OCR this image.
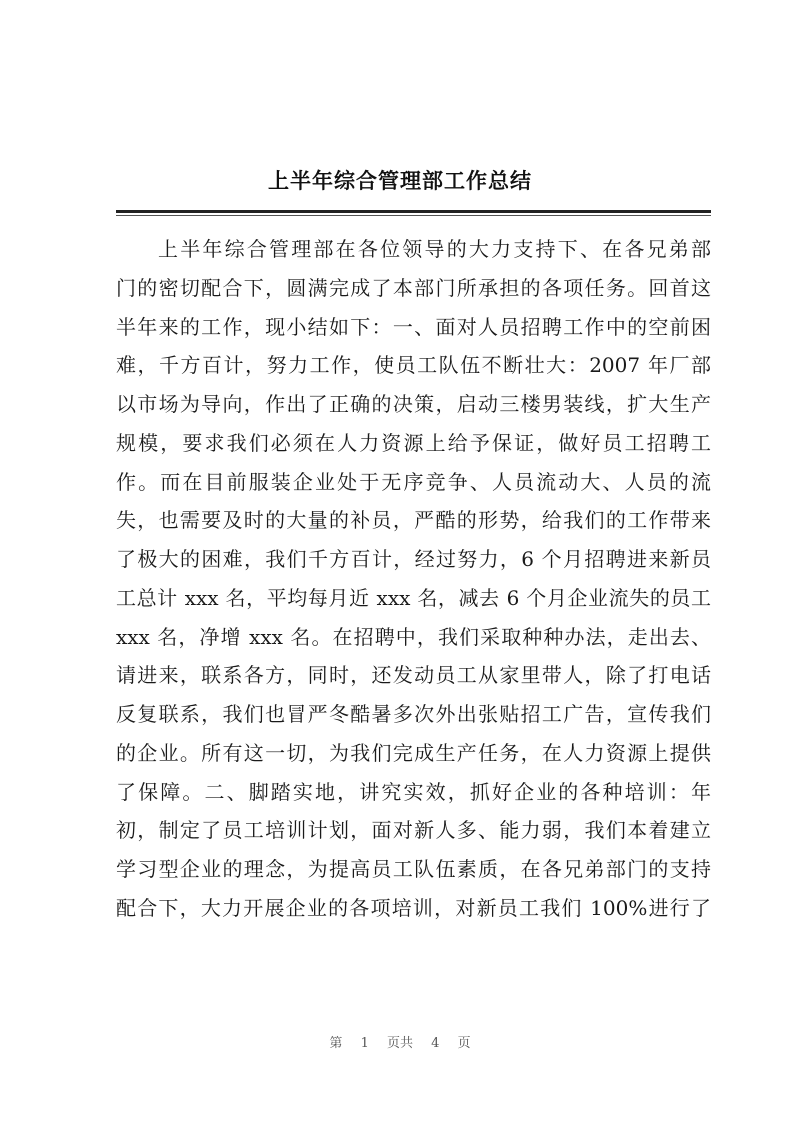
上半年综合管理部工作总结
上半年综合管理部在各位领导的大力支持下、在各兄弟部
门的密切配合下，圆满完成了本部门所承担的各项任务。回首这
半年来的工作，现小结如下：一、面对人员招聘工作中的空前困
难，千方百计，努力工作，使员工队伍不断壮大：2007 年厂部
以市场为导向，作出了正确的决策，启动三楼男装线，扩大生产
规模，要求我们必须在人力资源上给予保证，做好员工招聘工
作。而在目前服装企业处于无序竞争、人员流动大、人员的流
失，也需要及时的大量的补员，严酷的形势，给我们的工作带来
了极大的困难，我们千方百计，经过努力，6 个月招聘进来新员
工总计 xxx 名，平均每月近 xxx 名，减去 6 个月企业流失的员工
xxx 名，净增 xxx 名。在招聘中，我们采取种种办法，走出去、
请进来，联系各方，同时，还发动员工从家里带人，除了打电话
反复联系，我们也冒严冬酷暑多次外出张贴招工广告，宣传我们
的企业。所有这一切，为我们完成生产任务，在人力资源上提供
了保障。二、脚踏实地，讲究实效，抓好企业的各种培训：年
初，制定了员工培训计划，面对新人多、能力弱，我们本着建立
学习型企业的理念，为提高员工队伍素质，在各兄弟部门的支持
配合下，大力开展企业的各项培训，对新员工我们 100%进行了
第 1 页共 4 页
